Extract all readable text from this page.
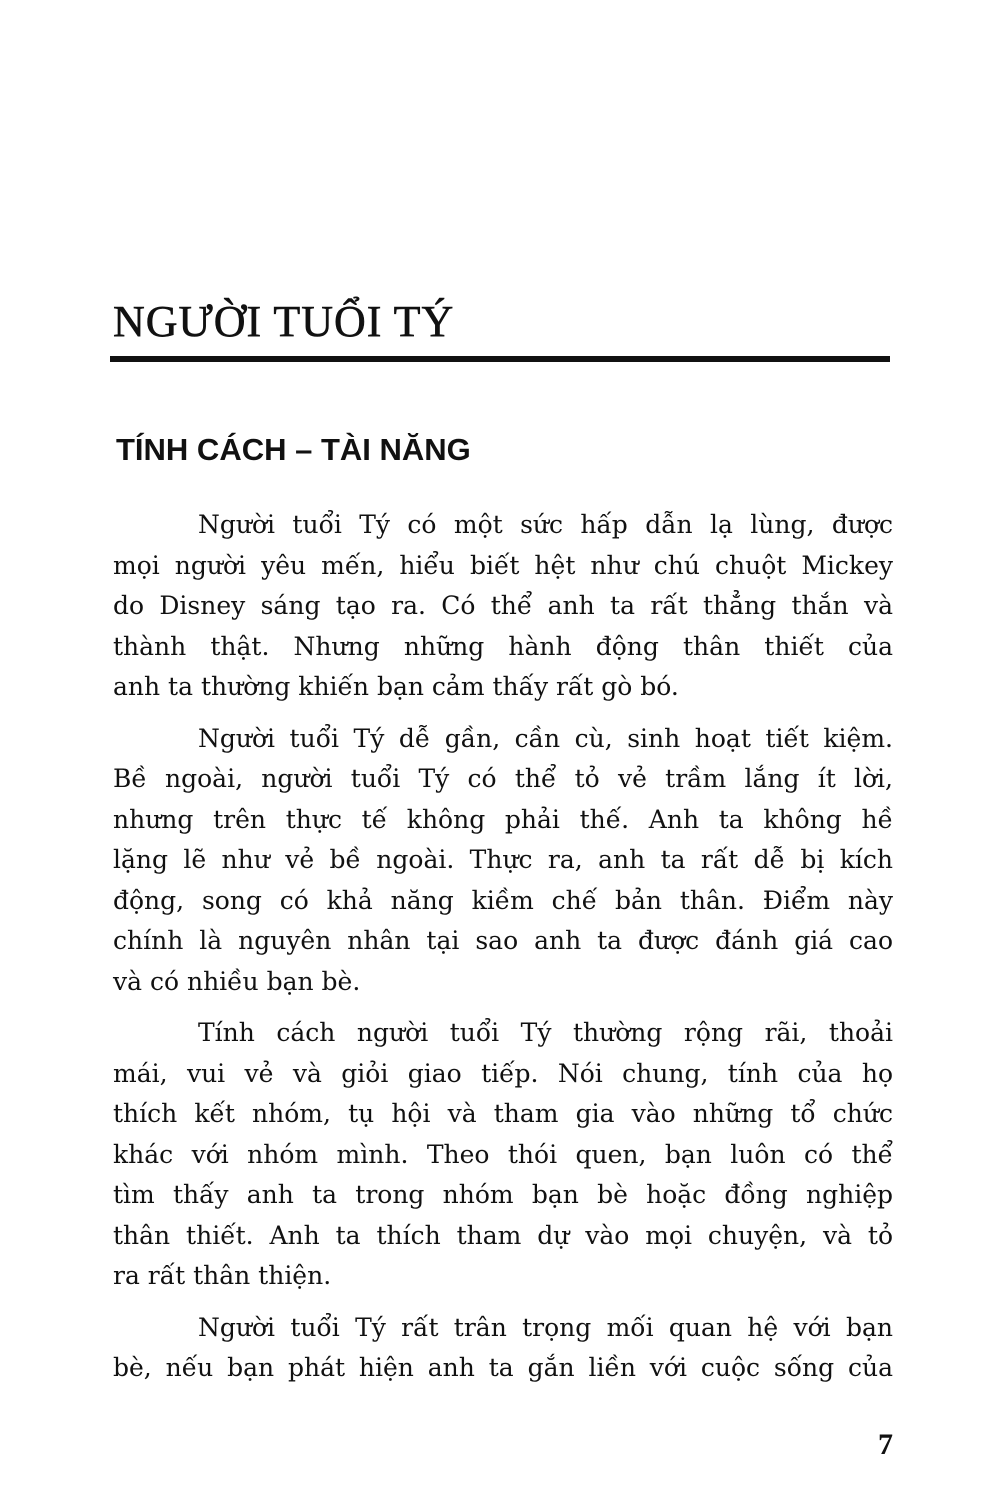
NGƯỜI TUỔI TÝ
TÍNH CÁCH – TÀI NĂNG
Người tuổi Tý có một sức hấp dẫn lạ lùng, được
mọi người yêu mến, hiểu biết hệt như chú chuột Mickey
do Disney sáng tạo ra. Có thể anh ta rất thẳng thắn và
thành thật. Nhưng những hành động thân thiết của
anh ta thường khiến bạn cảm thấy rất gò bó.
Người tuổi Tý dễ gần, cần cù, sinh hoạt tiết kiệm.
Bề ngoài, người tuổi Tý có thể tỏ vẻ trầm lắng ít lời,
nhưng trên thực tế không phải thế. Anh ta không hề
lặng lẽ như vẻ bề ngoài. Thực ra, anh ta rất dễ bị kích
động, song có khả năng kiềm chế bản thân. Điểm này
chính là nguyên nhân tại sao anh ta được đánh giá cao
và có nhiều bạn bè.
Tính cách người tuổi Tý thường rộng rãi, thoải
mái, vui vẻ và giỏi giao tiếp. Nói chung, tính của họ
thích kết nhóm, tụ hội và tham gia vào những tổ chức
khác với nhóm mình. Theo thói quen, bạn luôn có thể
tìm thấy anh ta trong nhóm bạn bè hoặc đồng nghiệp
thân thiết. Anh ta thích tham dự vào mọi chuyện, và tỏ
ra rất thân thiện.
Người tuổi Tý rất trân trọng mối quan hệ với bạn
bè, nếu bạn phát hiện anh ta gắn liền với cuộc sống của
7
